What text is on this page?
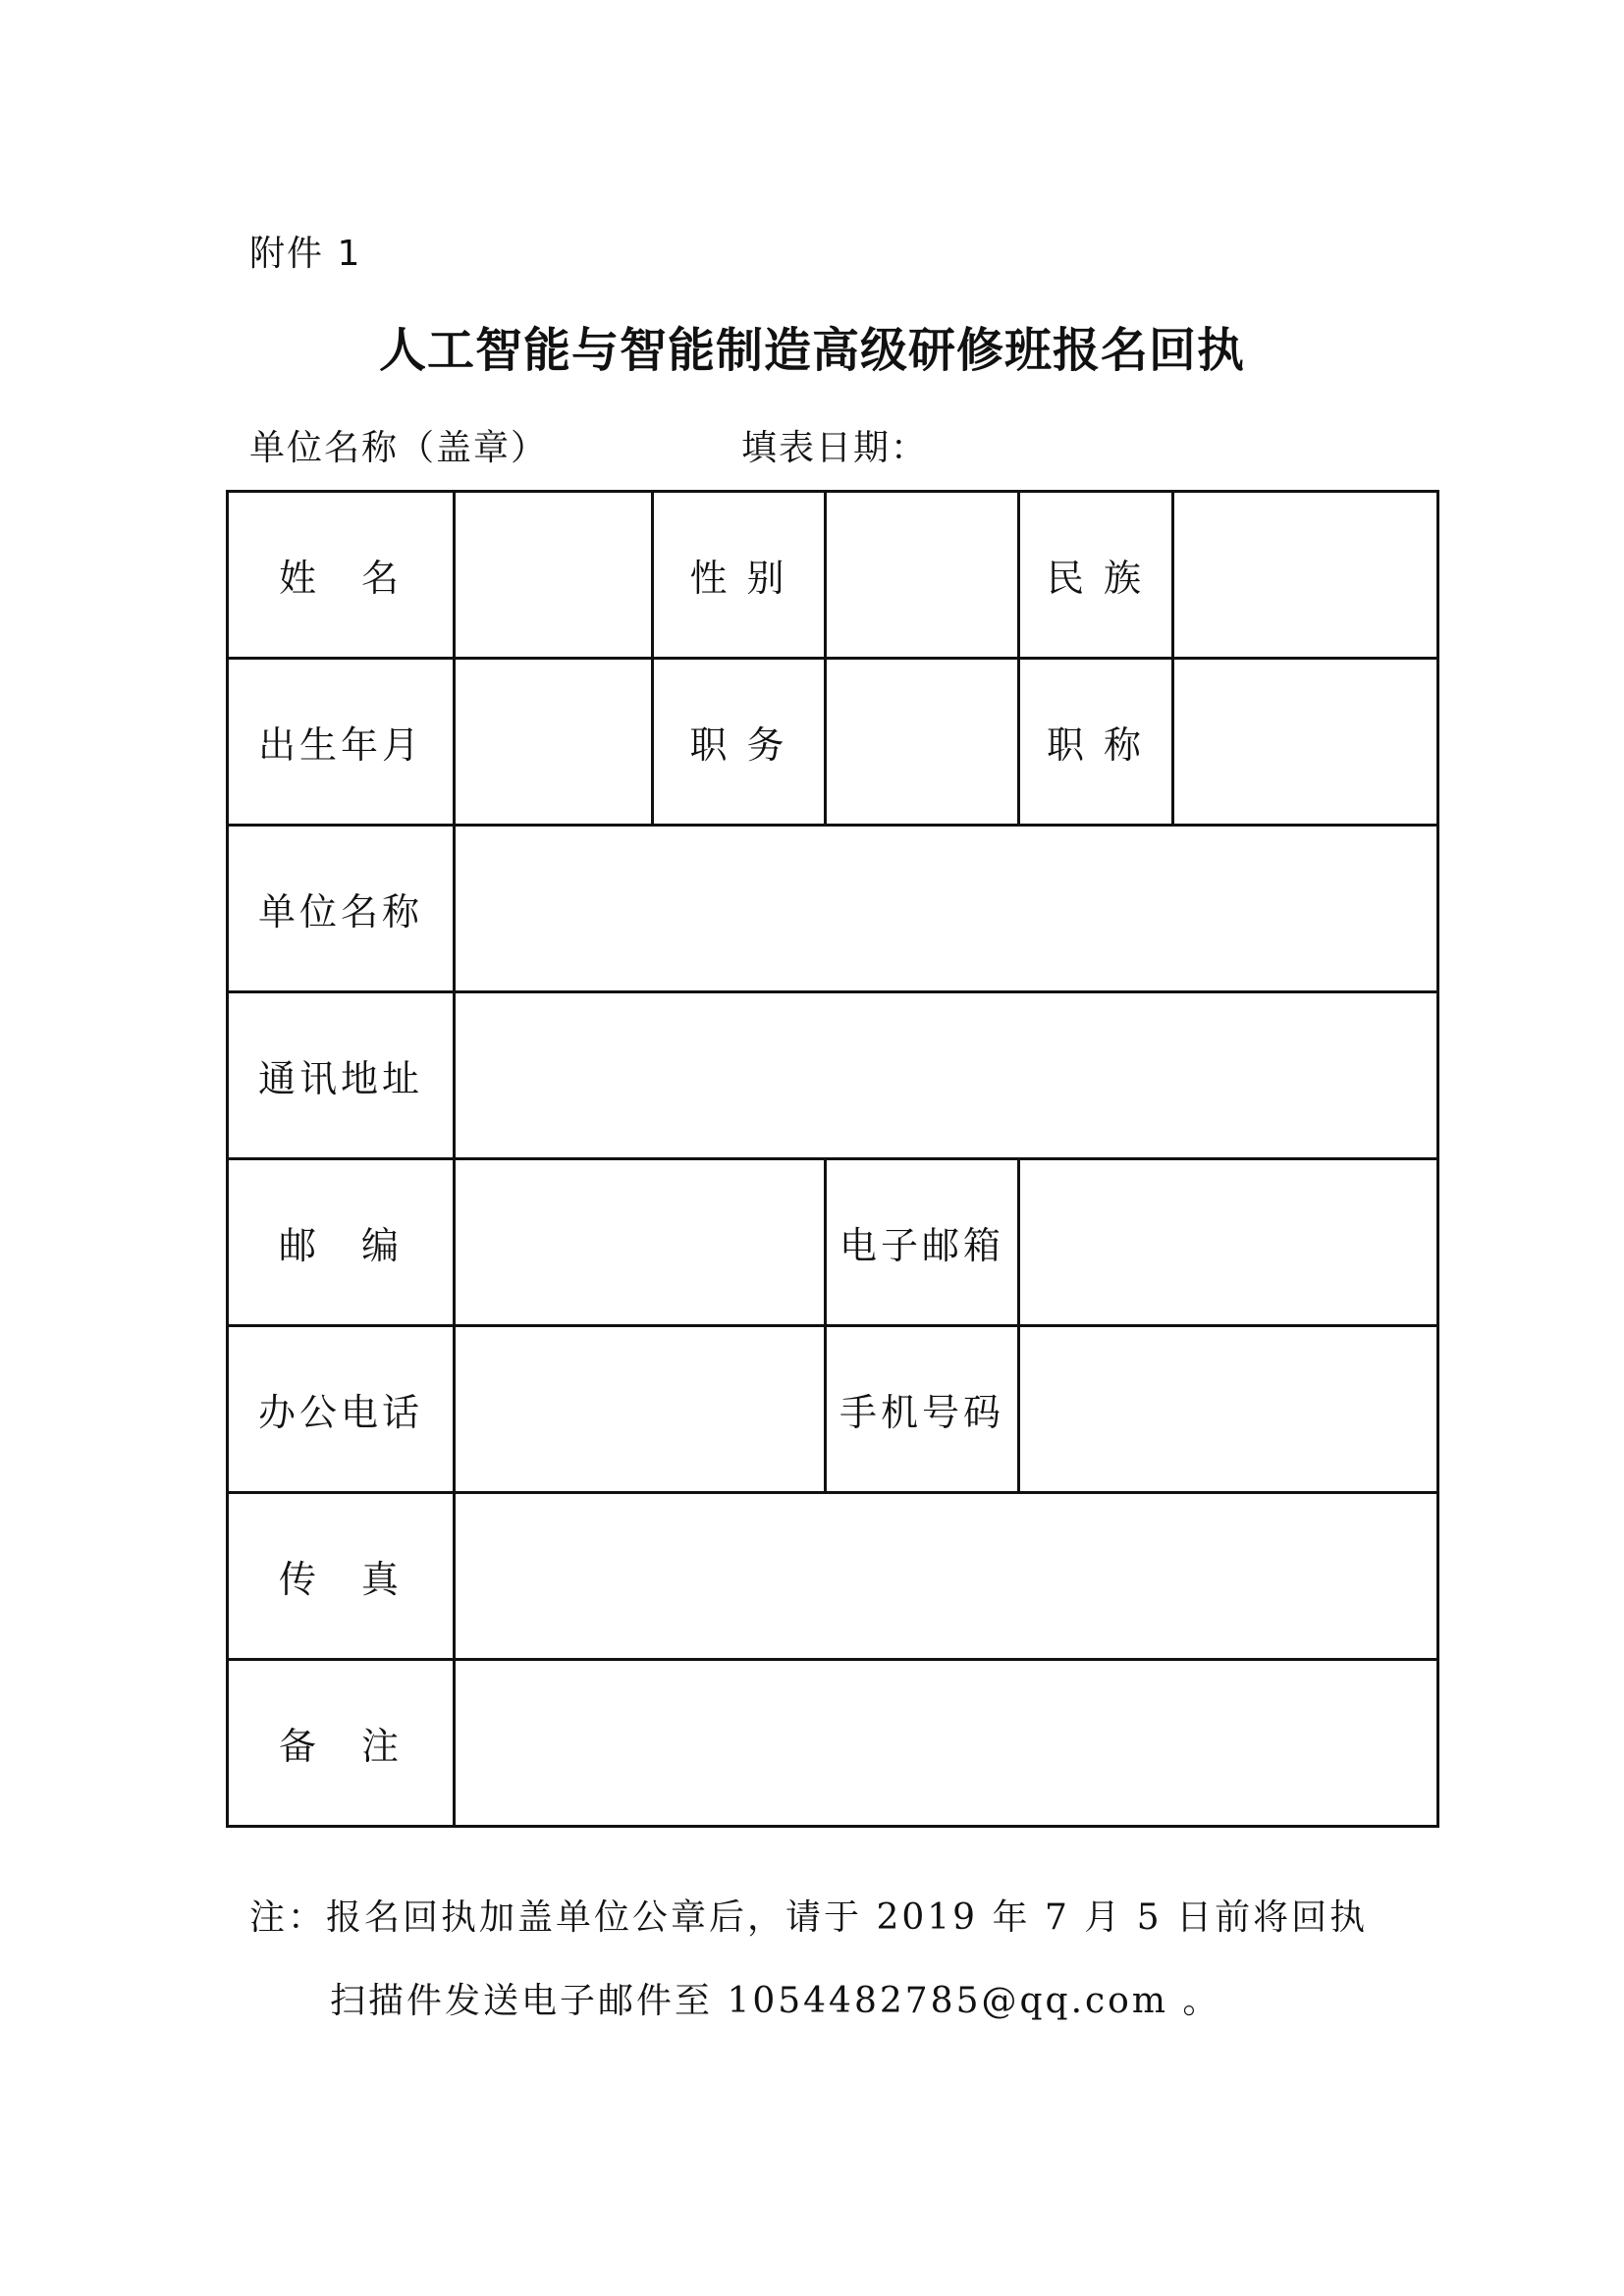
附件 1
人工智能与智能制造高级研修班报名回执
单位名称（盖章）	填表日期：
姓　名		性 别		民 族	
出生年月		职 务		职 称	
单位名称					
通讯地址					
邮　编			电子邮箱		
办公电话			手机号码		
传　真					
备　注					
注：报名回执加盖单位公章后，请于 2019 年 7 月 5 日前将回执
扫描件发送电子邮件至 1054482785@qq.com 。
